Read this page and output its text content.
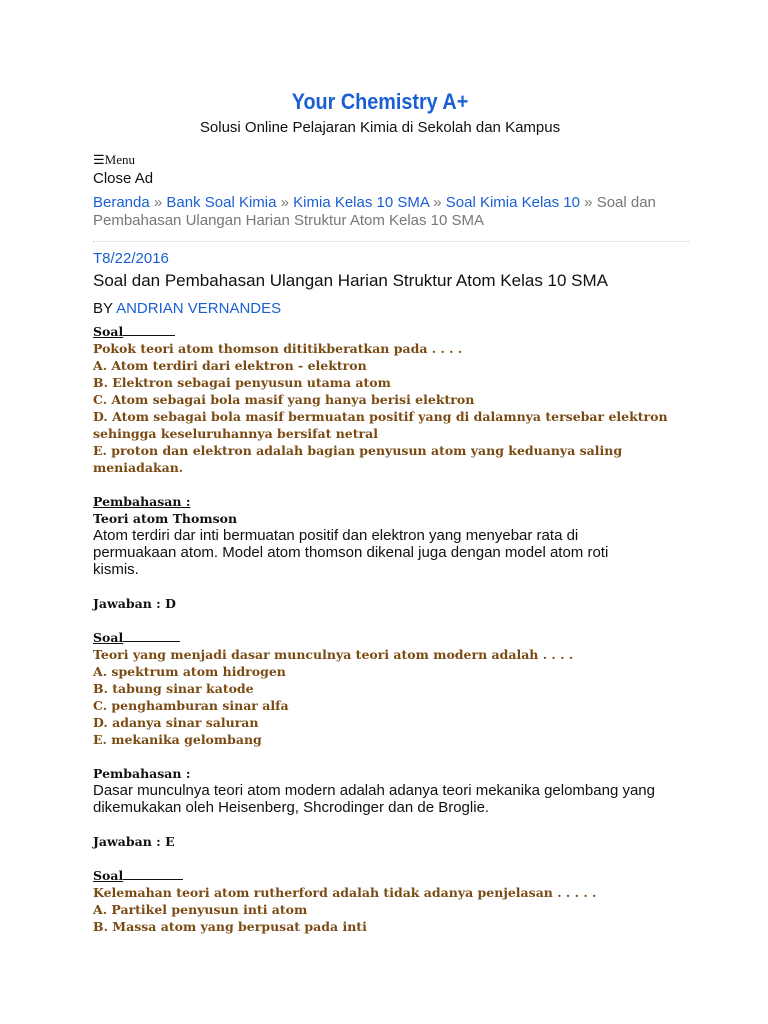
Your Chemistry A+
Solusi Online Pelajaran Kimia di Sekolah dan Kampus
☰Menu
Close Ad
Beranda » Bank Soal Kimia » Kimia Kelas 10 SMA » Soal Kimia Kelas 10 » Soal dan Pembahasan Ulangan Harian Struktur Atom Kelas 10 SMA
T8/22/2016
Soal dan Pembahasan Ulangan Harian Struktur Atom Kelas 10 SMA
BY ANDRIAN VERNANDES
Soal
Pokok teori atom thomson dititikberatkan pada . . . .
A. Atom terdiri dari elektron - elektron
B. Elektron sebagai penyusun utama atom
C. Atom sebagai bola masif yang hanya berisi elektron
D. Atom sebagai bola masif bermuatan positif yang di dalamnya tersebar elektron
sehingga keseluruhannya bersifat netral
E. proton dan elektron adalah bagian penyusun atom yang keduanya saling
meniadakan.
Pembahasan :
Teori atom Thomson
Atom terdiri dar inti bermuatan positif dan elektron yang menyebar rata di
permuakaan atom. Model atom thomson dikenal juga dengan model atom roti
kismis.
Jawaban : D
Soal
Teori yang menjadi dasar munculnya teori atom modern adalah . . . .
A. spektrum atom hidrogen
B. tabung sinar katode
C. penghamburan sinar alfa
D. adanya sinar saluran
E. mekanika gelombang
Pembahasan :
Dasar munculnya teori atom modern adalah adanya teori mekanika gelombang yang
dikemukakan oleh Heisenberg, Shcrodinger dan de Broglie.
Jawaban : E
Soal
Kelemahan teori atom rutherford adalah tidak adanya penjelasan . . . . .
A. Partikel penyusun inti atom
B. Massa atom yang berpusat pada inti
